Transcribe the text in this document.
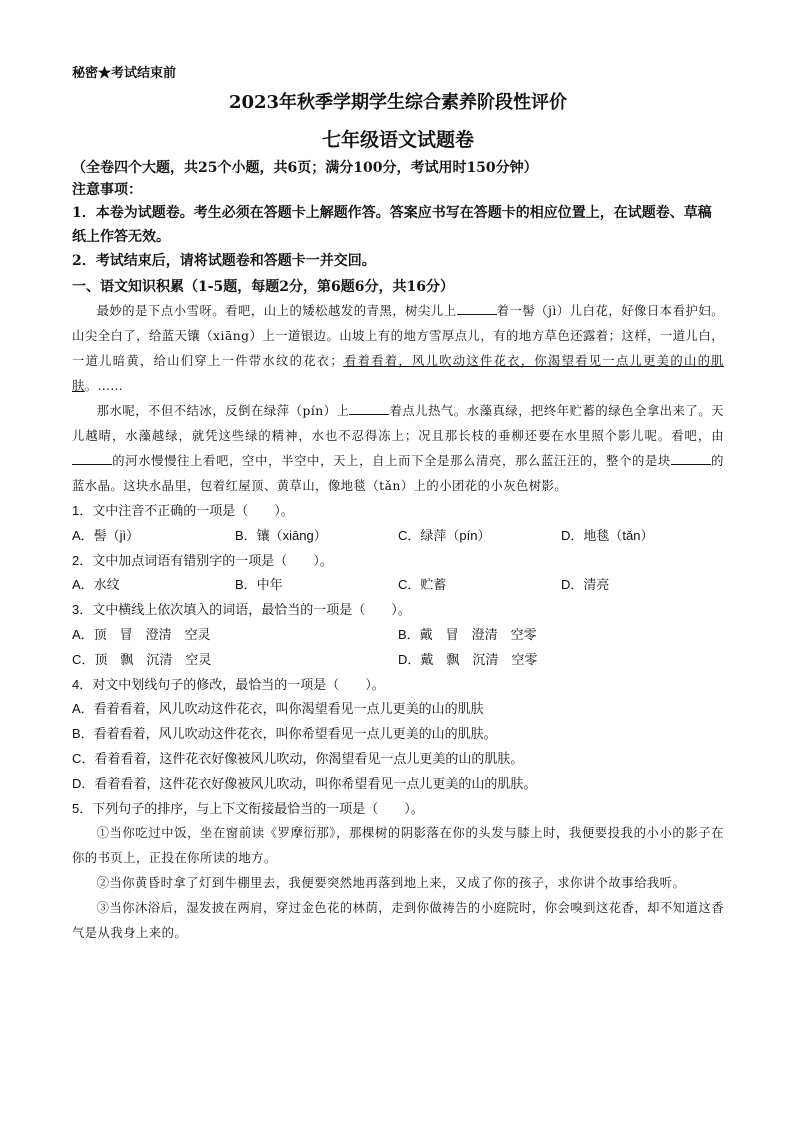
秘密★考试结束前
2023年秋季学期学生综合素养阶段性评价
七年级语文试题卷
（全卷四个大题，共25个小题，共6页；满分100分，考试用时150分钟）
注意事项：
1．本卷为试题卷。考生必须在答题卡上解题作答。答案应书写在答题卡的相应位置上，在试题卷、草稿纸上作答无效。
2．考试结束后，请将试题卷和答题卡一并交回。
一、语文知识积累（1-5题，每题2分，第6题6分，共16分）

最妙的是下点小雪呀。看吧，山上的矮松越发的青黑，树尖儿上	着一髻（jì）儿白花，好像日本看护妇。山尖全白了，给蓝天镶（xiāng）上一道银边。山坡上有的地方雪厚点儿，有的地方草色还露着；这样，一道儿白，一道儿暗黄，给山们穿上一件带水纹的花衣；看着看着，风儿吹动这件花衣，你渴望看见一点儿更美的山的肌肤。……

那水呢，不但不结冰，反倒在绿萍（pín）上	着点儿热气。水藻真绿，把终年贮蓄的绿色全拿出来了。天儿越晴，水藻越绿，就凭这些绿的精神，水也不忍得冻上；况且那长枝的垂柳还要在水里照个影儿呢。看吧，由的河水慢慢往上看吧，空中，半空中，天上，自上而下全是那么清亮，那么蓝汪汪的，整个的是块	的蓝水晶。这块水晶里，包着红屋顶、黄草山，像地毯（tǎn）上的小团花的小灰色树影。

1．文中注音不正确的一项是（　　）。
A．髻（jì）	B．镶（xiāng）	C．绿萍（pín）	D．地毯（tǎn）
2．文中加点词语有错别字的一项是（　　）。
A．水纹	B．中年	C．贮蓄	D．清亮
3．文中横线上依次填入的词语，最恰当的一项是（　　）。
A．顶　冒　澄清　空灵	B．戴　冒　澄清　空零
C．顶　飘　沉清　空灵	D．戴　飘　沉清　空零
4．对文中划线句子的修改，最恰当的一项是（　　）。
A．看着看着，风儿吹动这件花衣，叫你渴望看见一点儿更美的山的肌肤
B．看着看着，风儿吹动这件花衣，叫你希望看见一点儿更美的山的肌肤。
C．看着看着，这件花衣好像被风儿吹动，你渴望看见一点儿更美的山的肌肤。
D．看着看着，这件花衣好像被风儿吹动，叫你希望看见一点儿更美的山的肌肤。
5．下列句子的排序，与上下文衔接最恰当的一项是（　　）。

①当你吃过中饭，坐在窗前读《罗摩衍那》，那棵树的阴影落在你的头发与膝上时，我便要投我的小小的影子在你的书页上，正投在你所读的地方。

②当你黄昏时拿了灯到牛棚里去，我便要突然地再落到地上来，又成了你的孩子，求你讲个故事给我听。

③当你沐浴后，湿发披在两肩，穿过金色花的林荫，走到你做祷告的小庭院时，你会嗅到这花香，却不知道这香气是从我身上来的。
